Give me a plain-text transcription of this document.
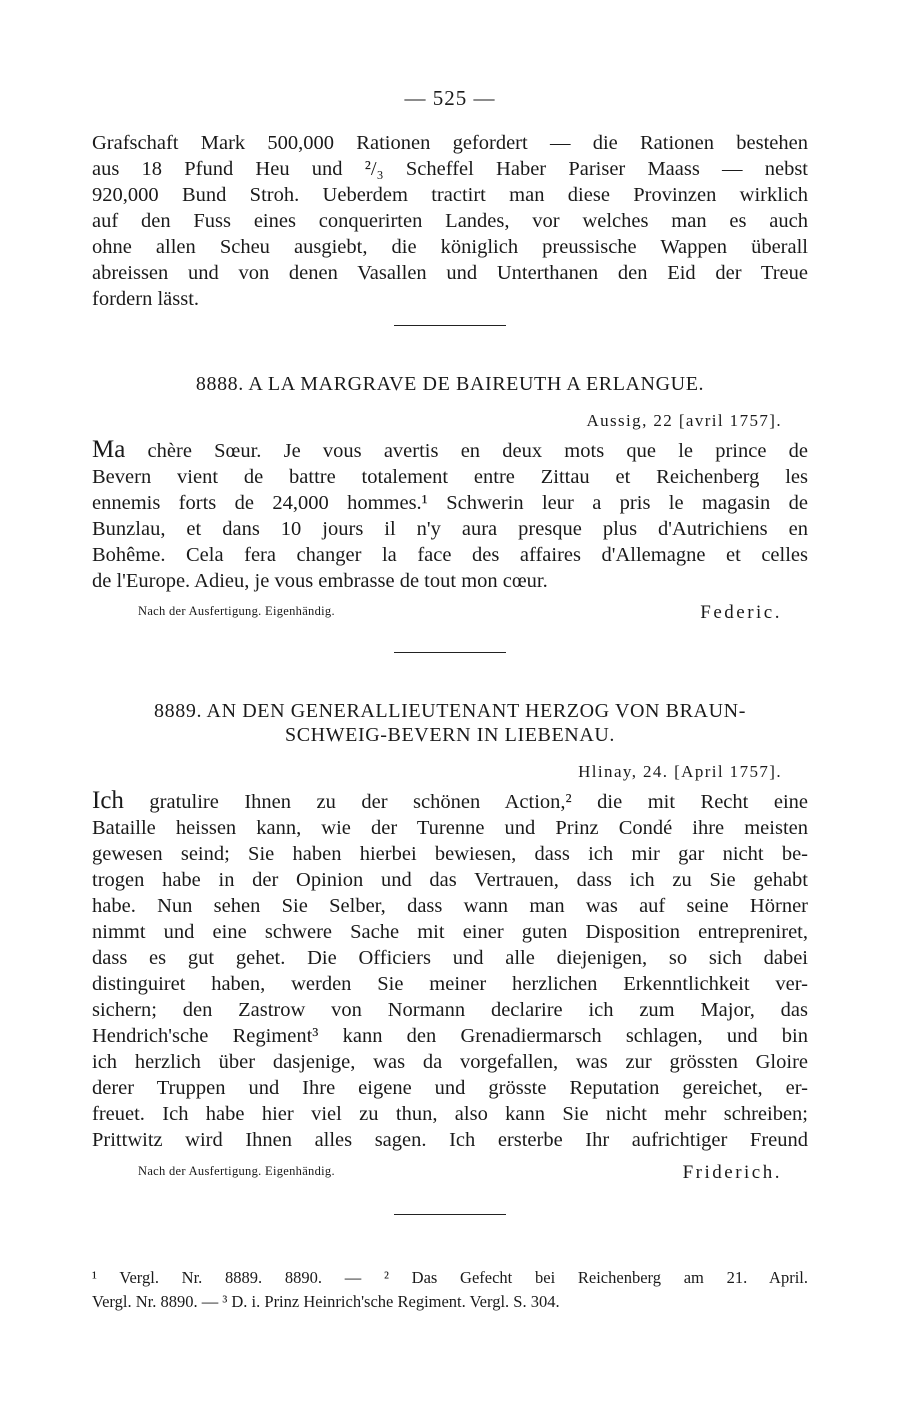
— 525 —
Grafschaft Mark 500,000 Rationen gefordert — die Rationen bestehen
aus 18 Pfund Heu und ²/₃ Scheffel Haber Pariser Maass — nebst
920,000 Bund Stroh. Ueberdem tractirt man diese Provinzen wirklich
auf den Fuss eines conquerirten Landes, vor welches man es auch
ohne allen Scheu ausgiebt, die königlich preussische Wappen überall
abreissen und von denen Vasallen und Unterthanen den Eid der Treue
fordern lässt.
8888. A LA MARGRAVE DE BAIREUTH A ERLANGUE.
Aussig, 22 [avril 1757].
Ma chère Sœur. Je vous avertis en deux mots que le prince de
Bevern vient de battre totalement entre Zittau et Reichenberg les
ennemis forts de 24,000 hommes.¹ Schwerin leur a pris le magasin de
Bunzlau, et dans 10 jours il n'y aura presque plus d'Autrichiens en
Bohême. Cela fera changer la face des affaires d'Allemagne et celles
de l'Europe. Adieu, je vous embrasse de tout mon cœur.
Nach der Ausfertigung. Eigenhändig.	Federic.
8889. AN DEN GENERALLIEUTENANT HERZOG VON BRAUN-
SCHWEIG-BEVERN IN LIEBENAU.
Hlinay, 24. [April 1757].
Ich gratulire Ihnen zu der schönen Action,² die mit Recht eine
Bataille heissen kann, wie der Turenne und Prinz Condé ihre meisten
gewesen seind; Sie haben hierbei bewiesen, dass ich mir gar nicht be-
trogen habe in der Opinion und das Vertrauen, dass ich zu Sie gehabt
habe. Nun sehen Sie Selber, dass wann man was auf seine Hörner
nimmt und eine schwere Sache mit einer guten Disposition entrepreniret,
dass es gut gehet. Die Officiers und alle diejenigen, so sich dabei
distinguiret haben, werden Sie meiner herzlichen Erkenntlichkeit ver-
sichern; den Zastrow von Normann declarire ich zum Major, das
Hendrich'sche Regiment³ kann den Grenadiermarsch schlagen, und bin
ich herzlich über dasjenige, was da vorgefallen, was zur grössten Gloire
derer Truppen und Ihre eigene und grösste Reputation gereichet, er-
freuet. Ich habe hier viel zu thun, also kann Sie nicht mehr schreiben;
Prittwitz wird Ihnen alles sagen. Ich ersterbe Ihr aufrichtiger Freund
Nach der Ausfertigung. Eigenhändig.	Friderich.
¹ Vergl. Nr. 8889. 8890. — ² Das Gefecht bei Reichenberg am 21. April.
Vergl. Nr. 8890. — ³ D. i. Prinz Heinrich'sche Regiment. Vergl. S. 304.
